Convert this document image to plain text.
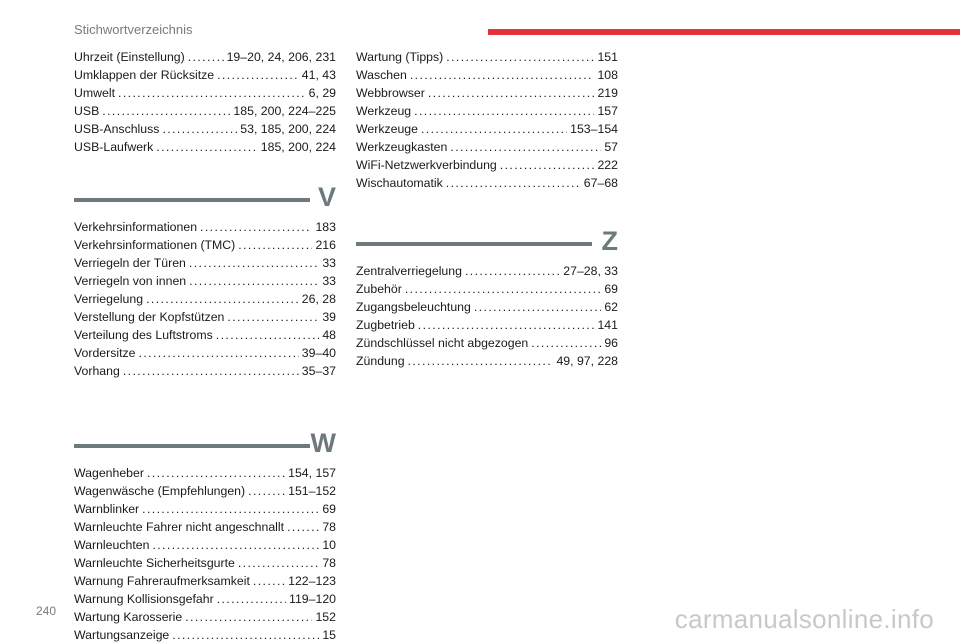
Stichwortverzeichnis
Uhrzeit (Einstellung) .....	19–20, 24, 206, 231
Umklappen der Rücksitze .....	41, 43
Umwelt .....	6, 29
USB .....	185, 200, 224–225
USB-Anschluss .....	53, 185, 200, 224
USB-Laufwerk .....	185, 200, 224
V
Verkehrsinformationen .....	183
Verkehrsinformationen (TMC) .....	216
Verriegeln der Türen .....	33
Verriegeln von innen .....	33
Verriegelung .....	26, 28
Verstellung der Kopfstützen .....	39
Verteilung des Luftstroms .....	48
Vordersitze .....	39–40
Vorhang .....	35–37
W
Wagenheber .....	154, 157
Wagenwäsche (Empfehlungen) .....	151–152
Warnblinker .....	69
Warnleuchte Fahrer nicht angeschnallt .....	78
Warnleuchten .....	10
Warnleuchte Sicherheitsgurte .....	78
Warnung Fahreraufmerksamkeit .....	122–123
Warnung Kollisionsgefahr .....	119–120
Wartung Karosserie .....	152
Wartungsanzeige .....	15
Wartung (Tipps) .....	151
Waschen .....	108
Webbrowser .....	219
Werkzeug .....	157
Werkzeuge .....	153–154
Werkzeugkasten .....	57
WiFi-Netzwerkverbindung .....	222
Wischautomatik .....	67–68
Z
Zentralverriegelung .....	27–28, 33
Zubehör .....	69
Zugangsbeleuchtung .....	62
Zugbetrieb .....	141
Zündschlüssel nicht abgezogen .....	96
Zündung .....	49, 97, 228
240	carmanualsonline.info
